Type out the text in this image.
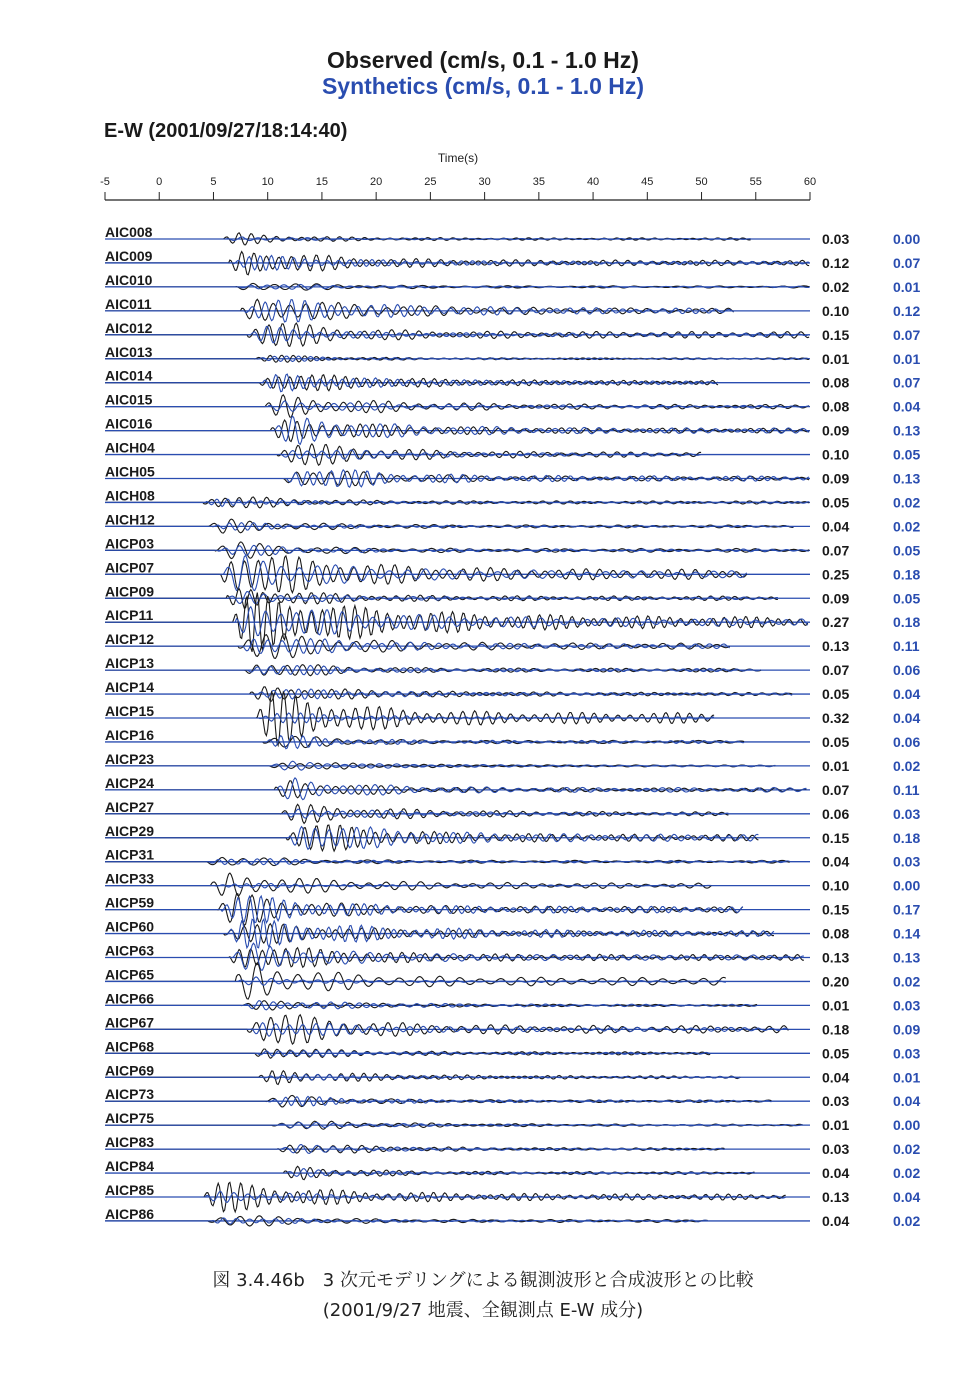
Observed (cm/s, 0.1 - 1.0 Hz)
Synthetics (cm/s, 0.1 - 1.0 Hz)
E-W (2001/09/27/18:14:40)
Time(s)
-5	0	5	10	15	20	25	30	35	40	45	50	55	60
AIC008	0.03	0.00
AIC009	0.12	0.07
AIC010	0.02	0.01
AIC011	0.10	0.12
AIC012	0.15	0.07
AIC013	0.01	0.01
AIC014	0.08	0.07
AIC015	0.08	0.04
AIC016	0.09	0.13
AICH04	0.10	0.05
AICH05	0.09	0.13
AICH08	0.05	0.02
AICH12	0.04	0.02
AICP03	0.07	0.05
AICP07	0.25	0.18
AICP09	0.09	0.05
AICP11	0.27	0.18
AICP12	0.13	0.11
AICP13	0.07	0.06
AICP14	0.05	0.04
AICP15	0.32	0.04
AICP16	0.05	0.06
AICP23	0.01	0.02
AICP24	0.07	0.11
AICP27	0.06	0.03
AICP29	0.15	0.18
AICP31	0.04	0.03
AICP33	0.10	0.00
AICP59	0.15	0.17
AICP60	0.08	0.14
AICP63	0.13	0.13
AICP65	0.20	0.02
AICP66	0.01	0.03
AICP67	0.18	0.09
AICP68	0.05	0.03
AICP69	0.04	0.01
AICP73	0.03	0.04
AICP75	0.01	0.00
AICP83	0.03	0.02
AICP84	0.04	0.02
AICP85	0.13	0.04
AICP86	0.04	0.02
図 3.4.46b　3 次元モデリングによる観測波形と合成波形との比較
(2001/9/27 地震、全観測点 E-W 成分)
